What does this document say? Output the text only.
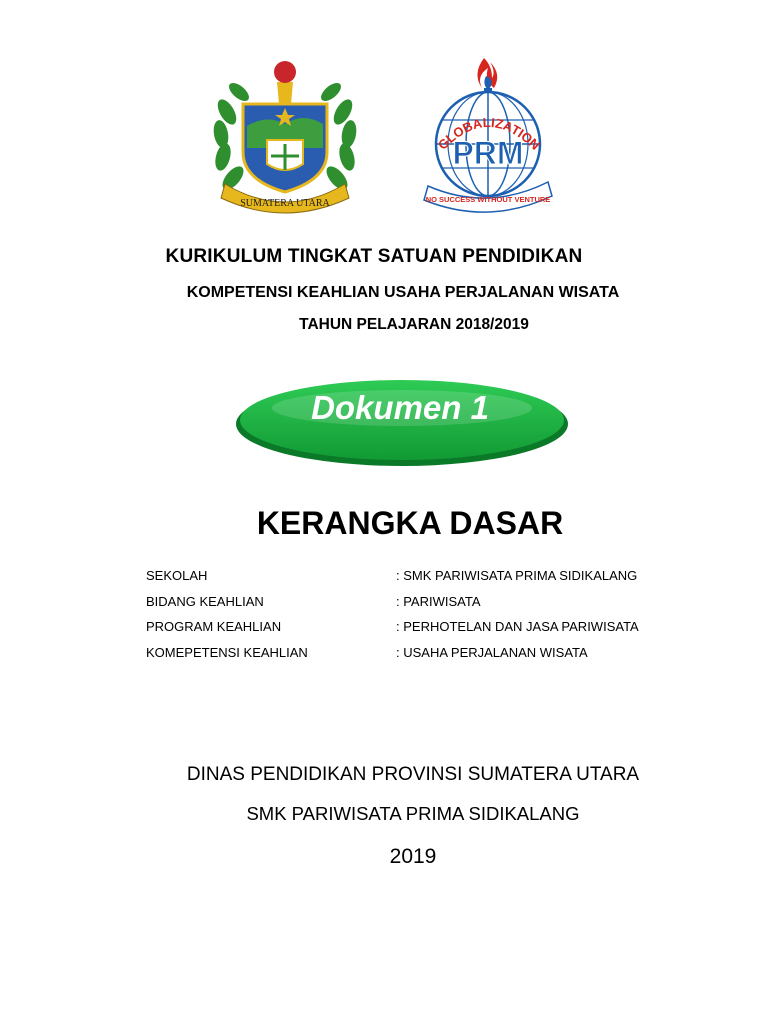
SUMATERA UTARA
GLOBALIZATION
PRM
NO SUCCESS WITHOUT VENTURE
KURIKULUM TINGKAT SATUAN PENDIDIKAN
KOMPETENSI KEAHLIAN USAHA PERJALANAN WISATA
TAHUN PELAJARAN 2018/2019
Dokumen 1
KERANGKA DASAR
SEKOLAH	: SMK PARIWISATA PRIMA SIDIKALANG
BIDANG KEAHLIAN	: PARIWISATA
PROGRAM KEAHLIAN	: PERHOTELAN DAN JASA PARIWISATA
KOMEPETENSI KEAHLIAN	: USAHA PERJALANAN WISATA
DINAS PENDIDIKAN PROVINSI SUMATERA UTARA
SMK PARIWISATA PRIMA SIDIKALANG
2019
